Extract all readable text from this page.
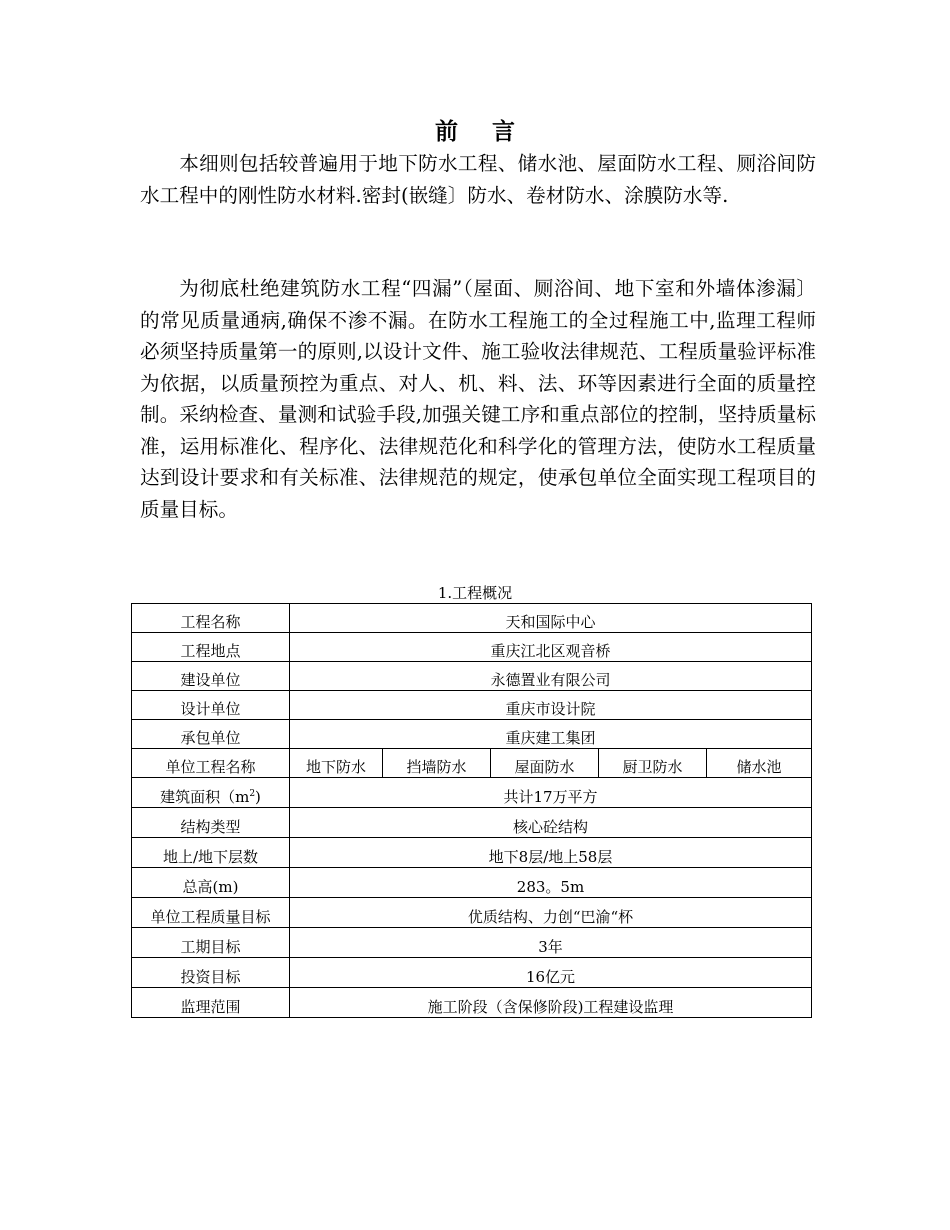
前 言

本细则包括较普遍用于地下防水工程、储水池、屋面防水工程、厕浴间防水工程中的刚性防水材料.密封(嵌缝〕防水、卷材防水、涂膜防水等.

为彻底杜绝建筑防水工程“四漏”（屋面、厕浴间、地下室和外墙体渗漏〕的常见质量通病,确保不渗不漏。在防水工程施工的全过程施工中,监理工程师必须坚持质量第一的原则,以设计文件、施工验收法律规范、工程质量验评标准为依据，以质量预控为重点、对人、机、料、法、环等因素进行全面的质量控制。采纳检查、量测和试验手段,加强关键工序和重点部位的控制，坚持质量标准，运用标准化、程序化、法律规范化和科学化的管理方法，使防水工程质量达到设计要求和有关标准、法律规范的规定，使承包单位全面实现工程项目的质量目标。

1.工程概况
工程名称	天和国际中心				
工程地点	重庆江北区观音桥				
建设单位	永德置业有限公司				
设计单位	重庆市设计院				
承包单位	重庆建工集团				
单位工程名称	地下防水	挡墙防水	屋面防水	厨卫防水	储水池
建筑面积$(m^2)$	共计17万平方				
结构类型	核心砼结构				
地上/地下层数	地下8层/地上58层				
总高(m)	283。5m				
单位工程质量目标	优质结构、力创“巴渝“杯				
工期目标	3年				
投资目标	16亿元				
监理范围	施工阶段（含保修阶段)工程建设监理				
